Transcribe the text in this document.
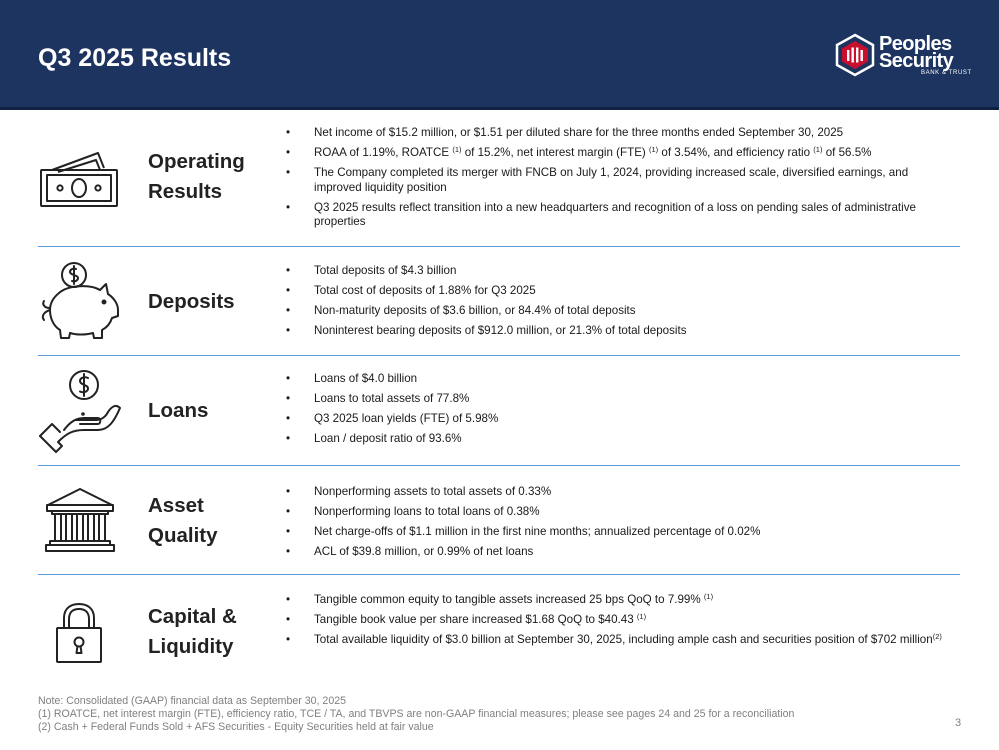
Q3 2025 Results	Peoples
Security
BANK & TRUST
Operating
Results
• Net income of $15.2 million, or $1.51 per diluted share for the three months ended September 30, 2025
• ROAA of 1.19%, ROATCE $^{(1)}$ of 15.2%, net interest margin (FTE) $^{(1)}$ of 3.54%, and efficiency ratio $^{(1)}$ of 56.5%
• The Company completed its merger with FNCB on July 1, 2024, providing increased scale, diversified earnings, and improved liquidity position
• Q3 2025 results reflect transition into a new headquarters and recognition of a loss on pending sales of administrative properties
Deposits
• Total deposits of $4.3 billion
• Total cost of deposits of 1.88% for Q3 2025
• Non-maturity deposits of $3.6 billion, or 84.4% of total deposits
• Noninterest bearing deposits of $912.0 million, or 21.3% of total deposits
Loans
• Loans of $4.0 billion
• Loans to total assets of 77.8%
• Q3 2025 loan yields (FTE) of 5.98%
• Loan / deposit ratio of 93.6%
Asset
Quality
• Nonperforming assets to total assets of 0.33%
• Nonperforming loans to total loans of 0.38%
• Net charge-offs of $1.1 million in the first nine months; annualized percentage of 0.02%
• ACL of $39.8 million, or 0.99% of net loans
Capital &
Liquidity
• Tangible common equity to tangible assets increased 25 bps QoQ to 7.99% $^{(1)}$
• Tangible book value per share increased $1.68 QoQ to $40.43 $^{(1)}$
• Total available liquidity of $3.0 billion at September 30, 2025, including ample cash and securities position of $702 million$^{(2)}$
Note: Consolidated (GAAP) financial data as September 30, 2025
(1) ROATCE, net interest margin (FTE), efficiency ratio, TCE / TA, and TBVPS are non-GAAP financial measures; please see pages 24 and 25 for a reconciliation
(2) Cash + Federal Funds Sold + AFS Securities - Equity Securities held at fair value	3
